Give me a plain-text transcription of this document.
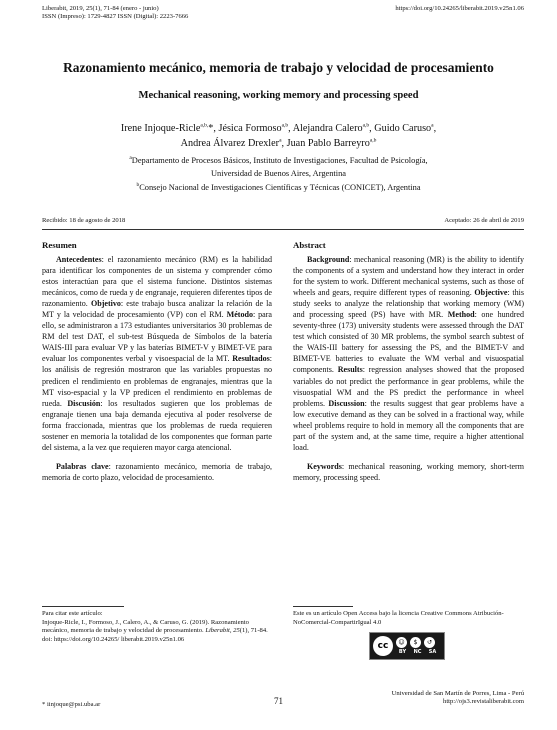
Liberabit, 2019, 25(1), 71-84 (enero - junio)
ISSN (Impreso): 1729-4827 ISSN (Digital): 2223-7666
https://doi.org/10.24265/liberabit.2019.v25n1.06
Razonamiento mecánico, memoria de trabajo y velocidad de procesamiento
Mechanical reasoning, working memory and processing speed
Irene Injoque-Ricle$^{a,b,}$*, Jésica Formoso$^{a,b}$, Alejandra Calero$^{a,b}$, Guido Caruso$^a$,
Andrea Álvarez Drexler$^a$, Juan Pablo Barreyro$^{a,b}$
$^a$Departamento de Procesos Básicos, Instituto de Investigaciones, Facultad de Psicología,
Universidad de Buenos Aires, Argentina
$^b$Consejo Nacional de Investigaciones Científicas y Técnicas (CONICET), Argentina
Recibido: 18 de agosto de 2018	Aceptado: 26 de abril de 2019
Resumen

Antecedentes: el razonamiento mecánico (RM) es la habilidad para identificar los componentes de un sistema y comprender cómo estos interactúan para que el sistema funcione. Distintos sistemas mecánicos, como de rueda y de engranaje, requieren diferentes tipos de razonamiento. Objetivo: este trabajo busca analizar la relación de la MT y la velocidad de procesamiento (VP) con el RM. Método: para ello, se administraron a 173 estudiantes universitarios 30 problemas de RM del test DAT, el sub-test Búsqueda de Símbolos de la batería WAIS-III para evaluar VP y las baterías BIMET-V y BIMET-VE para evaluar los componentes verbal y visoespacial de la MT. Resultados: los análisis de regresión mostraron que las variables propuestas no predicen el rendimiento en problemas de engranajes, mientras que la MT viso-espacial y la VP predicen el rendimiento en problemas de rueda. Discusión: los resultados sugieren que los problemas de engranaje tienen una baja demanda ejecutiva al poder resolverse de forma fraccionada, mientras que los problemas de rueda requieren sostener en memoria la totalidad de los componentes que forman parte del sistema, a la vez que requieren mayor carga atencional.

Palabras clave: razonamiento mecánico, memoria de trabajo, memoria de corto plazo, velocidad de procesamiento.

Abstract

Background: mechanical reasoning (MR) is the ability to identify the components of a system and understand how they interact in order for the system to work. Different mechanical systems, such as those of wheels and gears, require different types of reasoning. Objective: this study seeks to analyze the relationship that working memory (WM) and processing speed (PS) have with MR. Method: one hundred seventy-three (173) university students were assessed through the DAT test which consisted of 30 MR problems, the symbol search subtest of the WAIS-III battery for assessing the PS, and the BIMET-V and BIMET-VE batteries to evaluate the WM verbal and visuospatial components. Results: regression analyses showed that the proposed variables do not predict the performance in gear problems, while the visuospatial WM and the PS predict the performance in wheel problems. Discussion: the results suggest that gear problems have a low executive demand as they can be solved in a fractional way, while wheel problems require to hold in memory all the components that are part of the system and, at the same time, require a higher attentional load.

Keywords: mechanical reasoning, working memory, short-term memory, processing speed.

Para citar este artículo:
Injoque-Ricle, I., Formoso, J., Calero, A., & Caruso, G. (2019). Razonamiento mecánico, memoria de trabajo y velocidad de procesamiento. Liberabit, 25(1), 71-84. doi: https://doi.org/10.24265/ liberabit.2019.v25n1.06
Este es un artículo Open Access bajo la licencia Creative Commons Atribución-NoComercial-CompartirIgual 4.0
cc	☺	$	↺
BY	NC	SA
* iinjoque@psi.uba.ar	71
Universidad de San Martín de Porres, Lima - Perú
http://ojs3.revistaliberabit.com
